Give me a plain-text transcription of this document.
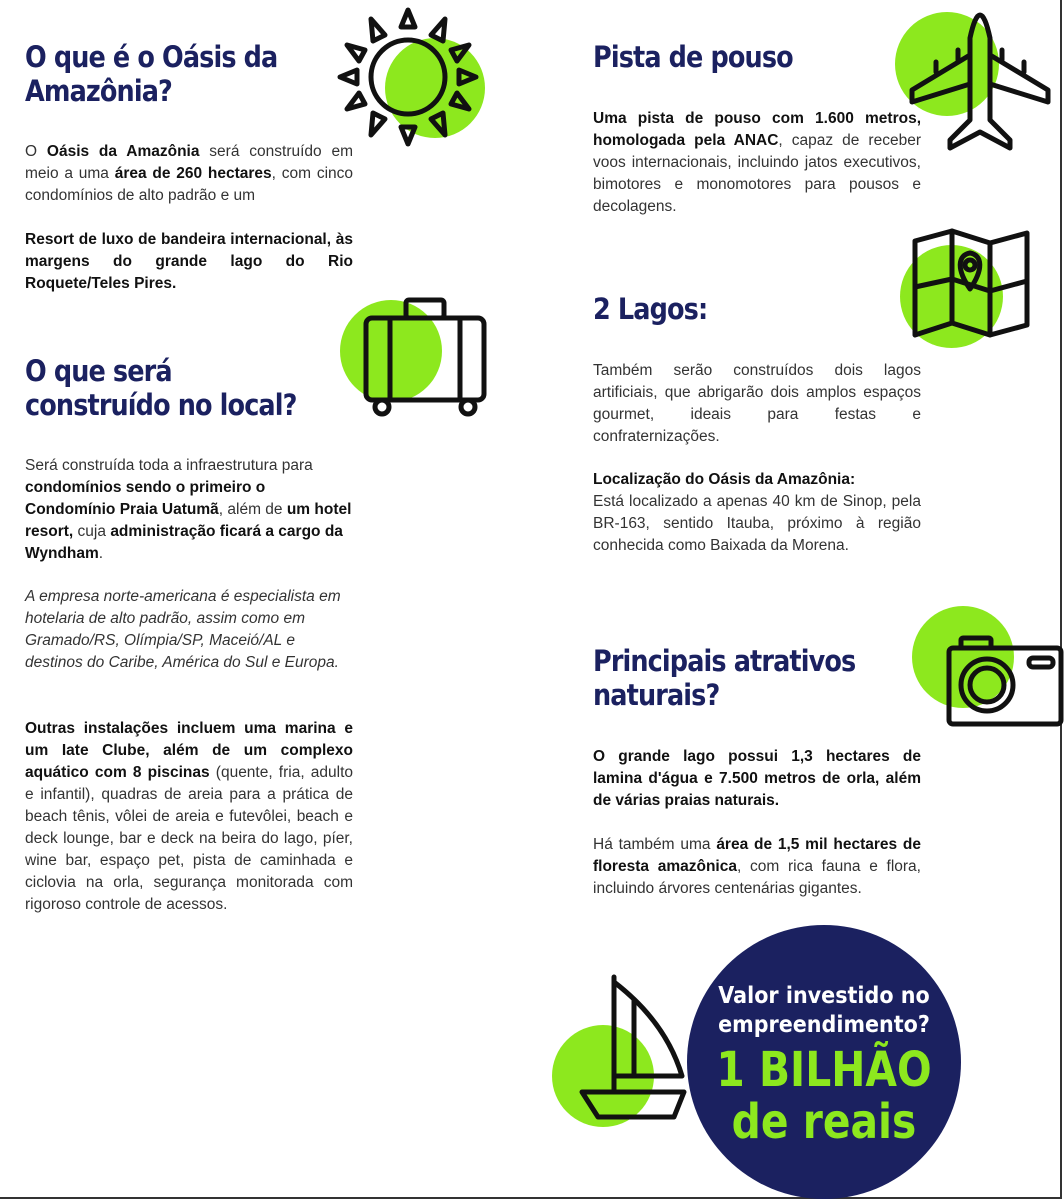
O que é o Oásis da
Amazônia?

O Oásis da Amazônia será construído em meio a uma área de 260 hectares, com cinco condomínios de alto padrão e um

Resort de luxo de bandeira internacional, às margens do grande lago do Rio Roquete/Teles Pires.

O que será
construído no local?

Será construída toda a infraestrutura para condomínios sendo o primeiro o Condomínio Praia Uatumã, além de um hotel resort, cuja administração ficará a cargo da Wyndham.

A empresa norte-americana é especialista em hotelaria de alto padrão, assim como em Gramado/RS, Olímpia/SP, Maceió/AL e destinos do Caribe, América do Sul e Europa.

Outras instalações incluem uma marina e um Iate Clube, além de um complexo aquático com 8 piscinas (quente, fria, adulto e infantil), quadras de areia para a prática de beach tênis, vôlei de areia e futevôlei, beach e deck lounge, bar e deck na beira do lago, píer, wine bar, espaço pet, pista de caminhada e ciclovia na orla, segurança monitorada com rigoroso controle de acessos.

Pista de pouso

Uma pista de pouso com 1.600 metros, homologada pela ANAC, capaz de receber voos internacionais, incluindo jatos executivos, bimotores e monomotores para pousos e decolagens.

2 Lagos:

Também serão construídos dois lagos artificiais, que abrigarão dois amplos espaços gourmet, ideais para festas e confraternizações.

Localização do Oásis da Amazônia:

Está localizado a apenas 40 km de Sinop, pela BR-163, sentido Itauba, próximo à região conhecida como Baixada da Morena.

Principais atrativos
naturais?

O grande lago possui 1,3 hectares de lamina d'água e 7.500 metros de orla, além de várias praias naturais.

Há também uma área de 1,5 mil hectares de floresta amazônica, com rica fauna e flora, incluindo árvores centenárias gigantes.

Valor investido no
empreendimento?
1 BILHÃO
de reais
